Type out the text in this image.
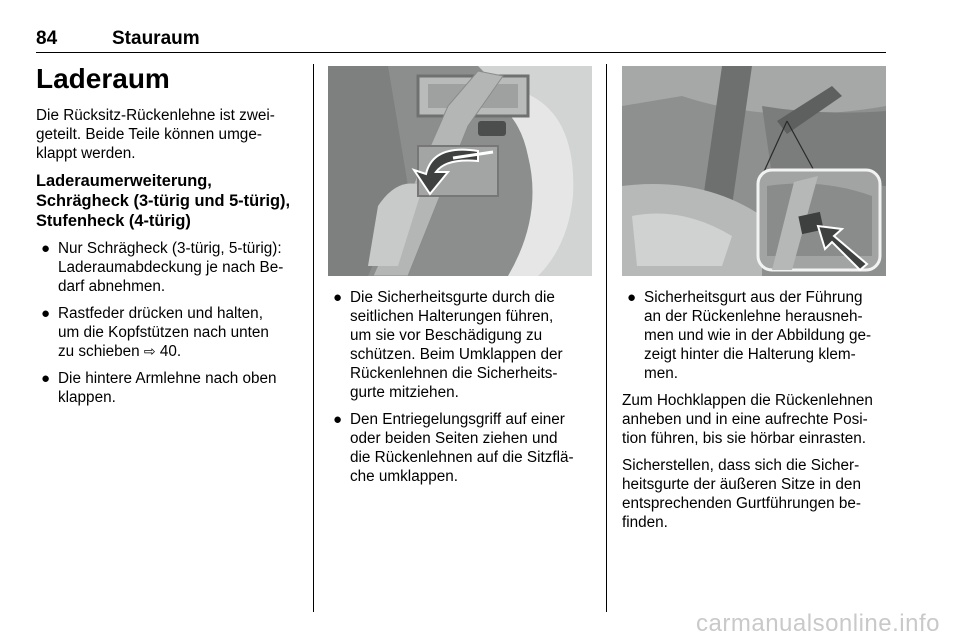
84	Stauraum
Laderaum
Die Rücksitz-Rückenlehne ist zwei-
geteilt. Beide Teile können umge-
klappt werden.
Laderaumerweiterung,
Schrägheck (3-türig und 5-türig),
Stufenheck (4-türig)
● Nur Schrägheck (3-türig, 5-türig):
Laderaumabdeckung je nach Be-
darf abnehmen.
● Rastfeder drücken und halten,
um die Kopfstützen nach unten
zu schieben ⇨ 40.
● Die hintere Armlehne nach oben
klappen.
● Die Sicherheitsgurte durch die
seitlichen Halterungen führen,
um sie vor Beschädigung zu
schützen. Beim Umklappen der
Rückenlehnen die Sicherheits-
gurte mitziehen.
● Den Entriegelungsgriff auf einer
oder beiden Seiten ziehen und
die Rückenlehnen auf die Sitzflä-
che umklappen.
● Sicherheitsgurt aus der Führung
an der Rückenlehne herausneh-
men und wie in der Abbildung ge-
zeigt hinter die Halterung klem-
men.
Zum Hochklappen die Rückenlehnen
anheben und in eine aufrechte Posi-
tion führen, bis sie hörbar einrasten.
Sicherstellen, dass sich die Sicher-
heitsgurte der äußeren Sitze in den
entsprechenden Gurtführungen be-
finden.
carmanualsonline.info
